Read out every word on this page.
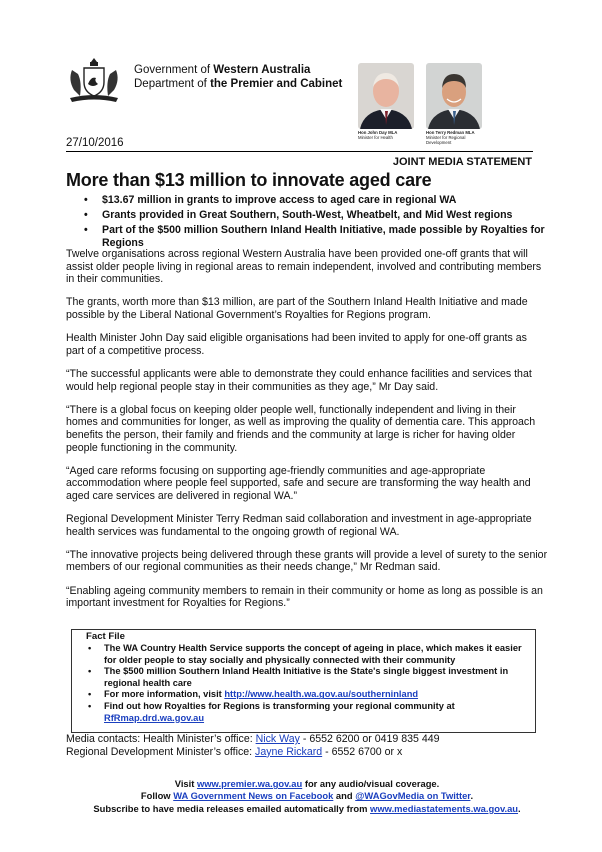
Government of Western Australia
Department of the Premier and Cabinet
Hon John Day MLA
Minister for Health
Hon Terry Redman MLA
Minister for Regional Development
27/10/2016
JOINT MEDIA STATEMENT
More than $13 million to innovate aged care
• $13.67 million in grants to improve access to aged care in regional WA
• Grants provided in Great Southern, South-West, Wheatbelt, and Mid West regions
• Part of the $500 million Southern Inland Health Initiative, made possible by Royalties for Regions

Twelve organisations across regional Western Australia have been provided one-off grants that will assist older people living in regional areas to remain independent, involved and contributing members in their communities.

The grants, worth more than $13 million, are part of the Southern Inland Health Initiative and made possible by the Liberal National Government’s Royalties for Regions program.

Health Minister John Day said eligible organisations had been invited to apply for one-off grants as part of a competitive process.

“The successful applicants were able to demonstrate they could enhance facilities and services that would help regional people stay in their communities as they age,” Mr Day said.

“There is a global focus on keeping older people well, functionally independent and living in their homes and communities for longer, as well as improving the quality of dementia care. This approach benefits the person, their family and friends and the community at large is richer for having older people functioning in the community.

“Aged care reforms focusing on supporting age-friendly communities and age-appropriate accommodation where people feel supported, safe and secure are transforming the way health and aged care services are delivered in regional WA.”

Regional Development Minister Terry Redman said collaboration and investment in age-appropriate health services was fundamental to the ongoing growth of regional WA.

“The innovative projects being delivered through these grants will provide a level of surety to the senior members of our regional communities as their needs change,” Mr Redman said.

“Enabling ageing community members to remain in their community or home as long as possible is an important investment for Royalties for Regions.”

Fact File
• The WA Country Health Service supports the concept of ageing in place, which makes it easier for older people to stay socially and physically connected with their community
• The $500 million Southern Inland Health Initiative is the State's single biggest investment in regional health care
• For more information, visit http://www.health.wa.gov.au/southerninland
• Find out how Royalties for Regions is transforming your regional community at RfRmap.drd.wa.gov.au
Media contacts: Health Minister’s office: Nick Way - 6552 6200 or 0419 835 449
Regional Development Minister’s office: Jayne Rickard - 6552 6700 or x
Visit www.premier.wa.gov.au for any audio/visual coverage.
Follow WA Government News on Facebook and @WAGovMedia on Twitter.
Subscribe to have media releases emailed automatically from www.mediastatements.wa.gov.au.
